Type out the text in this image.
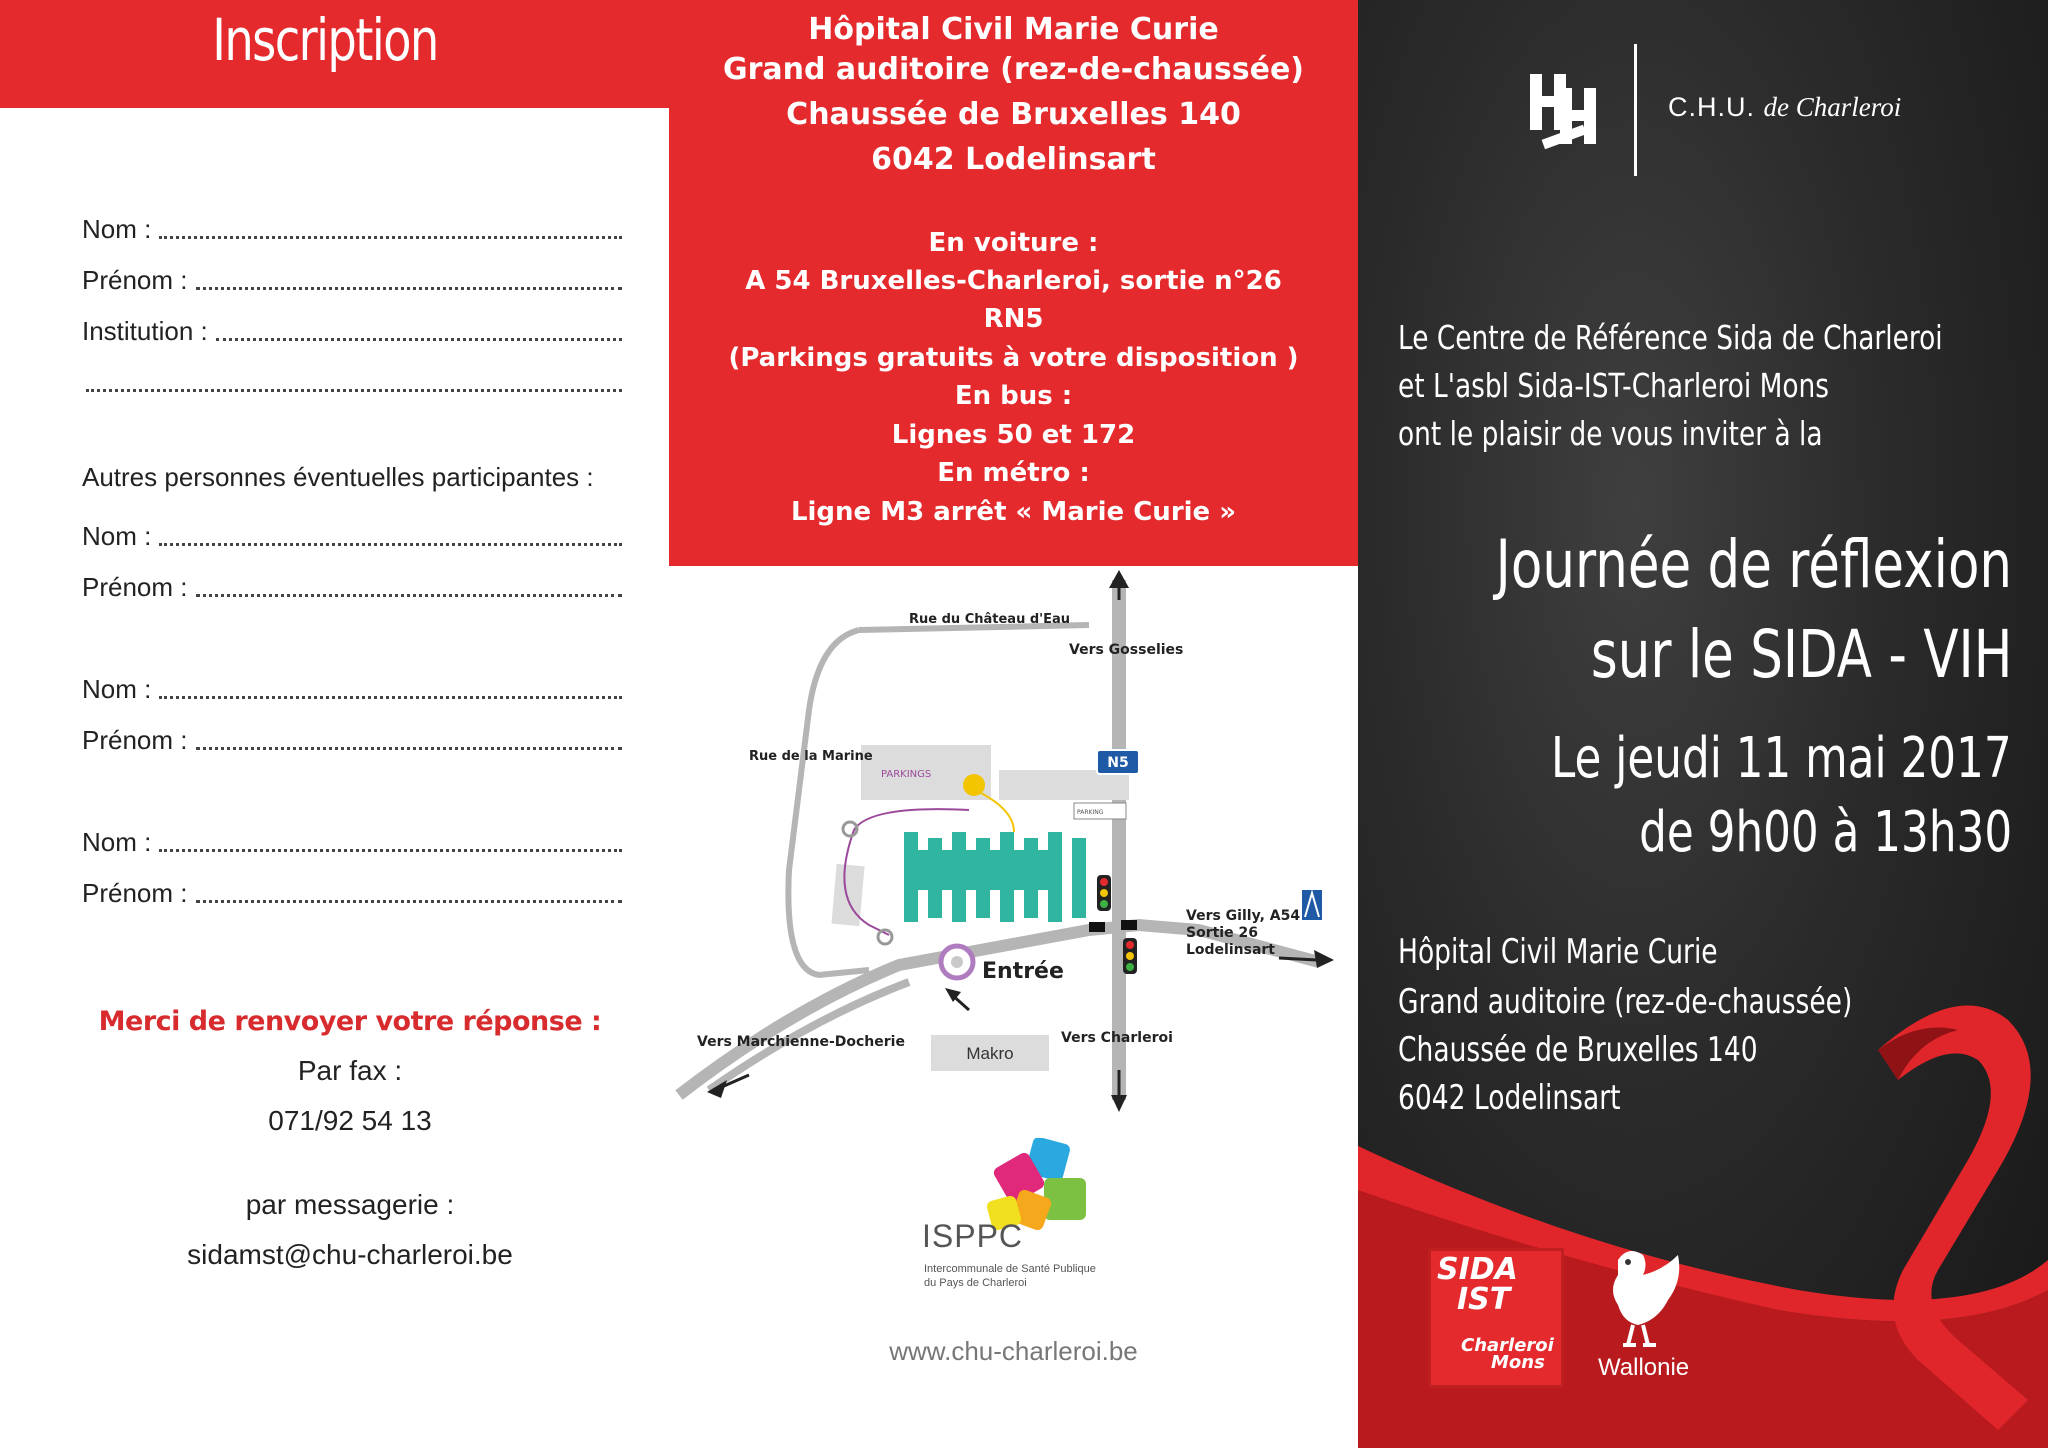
Inscription
Nom :
Prénom :
Institution :
Autres personnes éventuelles participantes :
Nom :
Prénom :
Nom :
Prénom :
Nom :
Prénom :
Merci de renvoyer votre réponse :
Par fax :
071/92 54 13
par messagerie :
sidamst@chu-charleroi.be
Hôpital Civil Marie Curie
Grand auditoire (rez-de-chaussée)
Chaussée de Bruxelles 140
6042 Lodelinsart
En voiture :
A 54 Bruxelles-Charleroi, sortie n°26
RN5
(Parkings gratuits à votre disposition )
En bus :
Lignes 50 et 172
En métro :
Ligne M3 arrêt « Marie Curie »
Rue du Château d'Eau
Vers Gosselies
Rue de la Marine	N5
PARKINGS
PARKING
Vers Gilly, A54
Sortie 26
Lodelinsart
Entrée
Vers Marchienne-Docherie
Makro
Vers Charleroi
ISPPC
Intercommunale de Santé Publique
du Pays de Charleroi
www.chu-charleroi.be
C.H.U. de Charleroi
Le Centre de Référence Sida de Charleroi
et L'asbl Sida-IST-Charleroi Mons
ont le plaisir de vous inviter à la
Journée de réflexion
sur le SIDA - VIH
Le jeudi 11 mai 2017
de 9h00 à 13h30
Hôpital Civil Marie Curie
Grand auditoire (rez-de-chaussée)
Chaussée de Bruxelles 140
6042 Lodelinsart
SIDA
IST
Charleroi
Mons	Wallonie
